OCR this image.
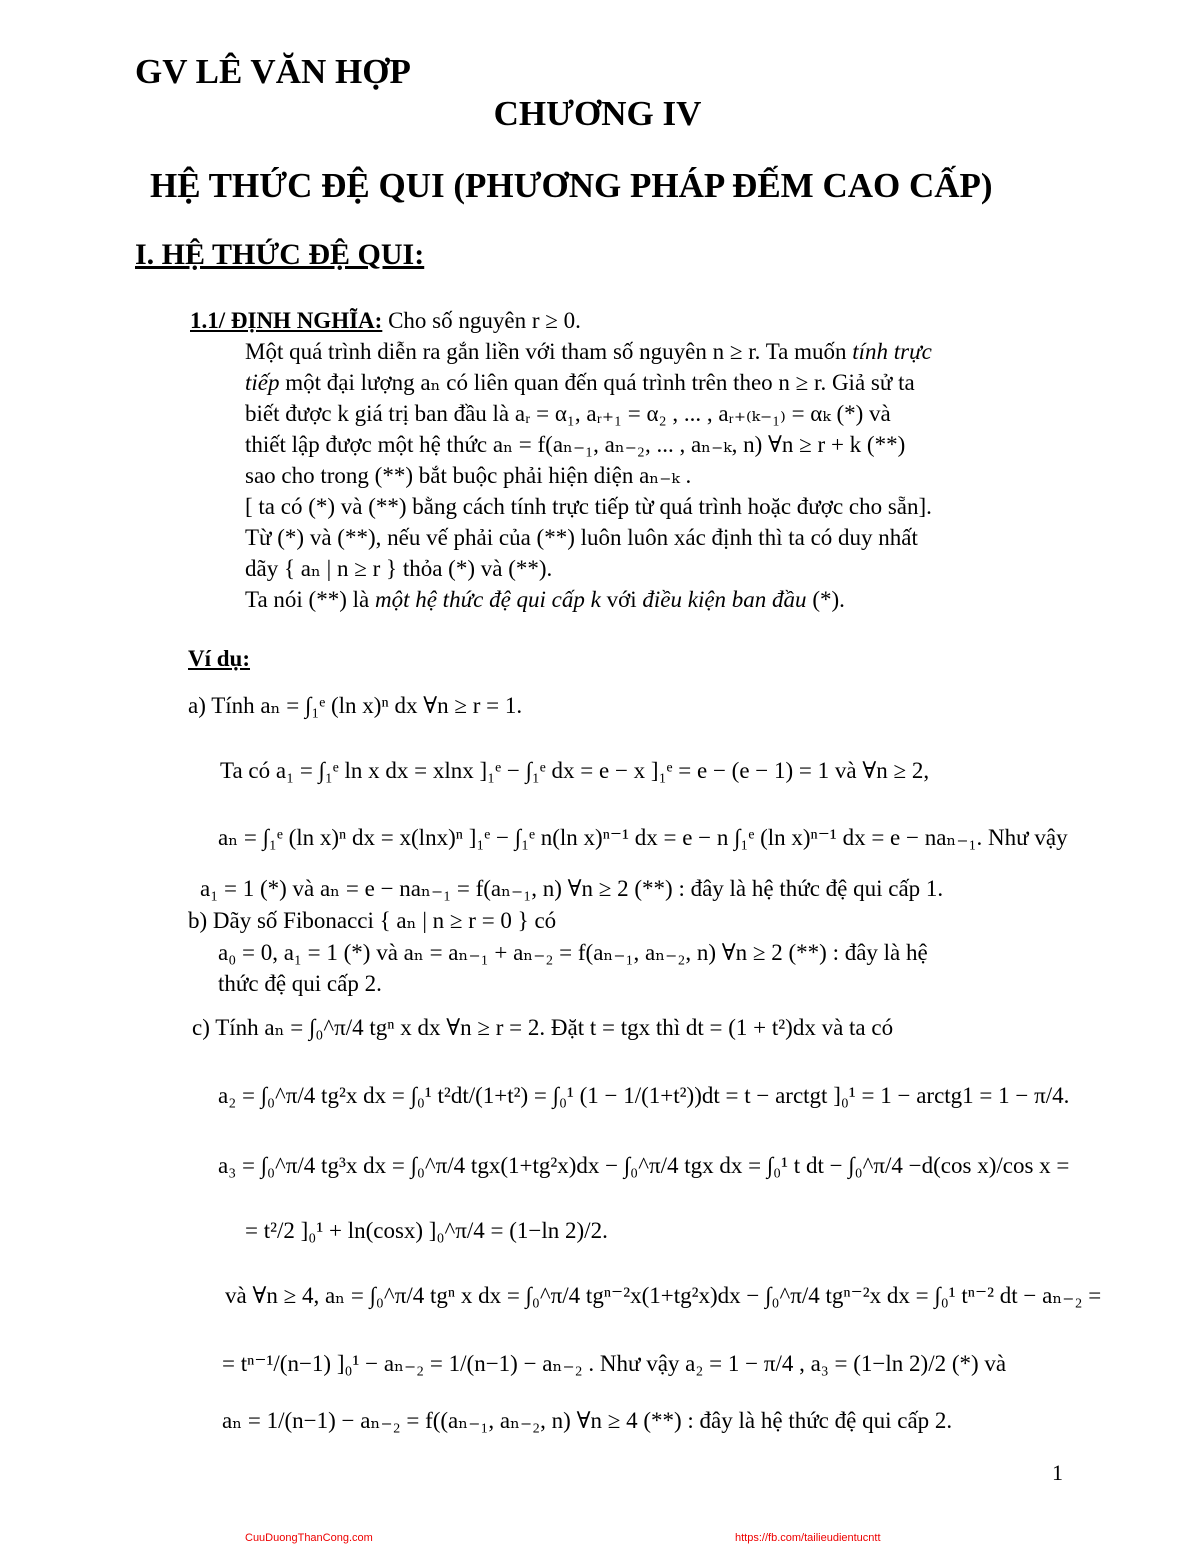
GV LÊ VĂN HỢP
CHƯƠNG IV
HỆ THỨC ĐỆ QUI (PHƯƠNG PHÁP ĐẾM CAO CẤP)
I. HỆ THỨC ĐỆ QUI:
1.1/ ĐỊNH NGHĨA: Cho số nguyên r ≥ 0.
Một quá trình diễn ra gắn liền với tham số nguyên n ≥ r. Ta muốn tính trực
tiếp một đại lượng aₙ có liên quan đến quá trình trên theo n ≥ r. Giả sử ta
biết được k giá trị ban đầu là aᵣ = α₁, aᵣ₊₁ = α₂ , ... , aᵣ₊₍ₖ₋₁₎ = αₖ (*) và
thiết lập được một hệ thức aₙ = f(aₙ₋₁, aₙ₋₂, ... , aₙ₋ₖ, n) ∀n ≥ r + k (**)
sao cho trong (**) bắt buộc phải hiện diện aₙ₋ₖ .
[ ta có (*) và (**) bằng cách tính trực tiếp từ quá trình hoặc được cho sẵn].
Từ (*) và (**), nếu vế phải của (**) luôn luôn xác định thì ta có duy nhất
dãy { aₙ | n ≥ r } thỏa (*) và (**).
Ta nói (**) là một hệ thức đệ qui cấp k với điều kiện ban đầu (*).
Ví dụ:
a) Tính aₙ = ∫₁ᵉ (ln x)ⁿ dx ∀n ≥ r = 1.
Ta có a₁ = ∫₁ᵉ ln x dx = xlnx ]₁ᵉ − ∫₁ᵉ dx = e − x ]₁ᵉ = e − (e − 1) = 1 và ∀n ≥ 2,
aₙ = ∫₁ᵉ (ln x)ⁿ dx = x(lnx)ⁿ ]₁ᵉ − ∫₁ᵉ n(ln x)ⁿ⁻¹ dx = e − n ∫₁ᵉ (ln x)ⁿ⁻¹ dx = e − naₙ₋₁. Như vậy
a₁ = 1 (*) và aₙ = e − naₙ₋₁ = f(aₙ₋₁, n) ∀n ≥ 2 (**) : đây là hệ thức đệ qui cấp 1.
b) Dãy số Fibonacci { aₙ | n ≥ r = 0 } có
a₀ = 0, a₁ = 1 (*) và aₙ = aₙ₋₁ + aₙ₋₂ = f(aₙ₋₁, aₙ₋₂, n) ∀n ≥ 2 (**) : đây là hệ
thức đệ qui cấp 2.
c) Tính aₙ = ∫₀^π/4 tgⁿ x dx ∀n ≥ r = 2. Đặt t = tgx thì dt = (1 + t²)dx và ta có
a₂ = ∫₀^π/4 tg²x dx = ∫₀¹ t²dt/(1+t²) = ∫₀¹ (1 − 1/(1+t²))dt = t − arctgt ]₀¹ = 1 − arctg1 = 1 − π/4.
a₃ = ∫₀^π/4 tg³x dx = ∫₀^π/4 tgx(1+tg²x)dx − ∫₀^π/4 tgx dx = ∫₀¹ t dt − ∫₀^π/4 −d(cos x)/cos x =
= t²/2 ]₀¹ + ln(cosx) ]₀^π/4 = (1−ln 2)/2.
và ∀n ≥ 4, aₙ = ∫₀^π/4 tgⁿ x dx = ∫₀^π/4 tgⁿ⁻²x(1+tg²x)dx − ∫₀^π/4 tgⁿ⁻²x dx = ∫₀¹ tⁿ⁻² dt − aₙ₋₂ =
= tⁿ⁻¹/(n−1) ]₀¹ − aₙ₋₂ = 1/(n−1) − aₙ₋₂ . Như vậy a₂ = 1 − π/4 , a₃ = (1−ln 2)/2 (*) và
aₙ = 1/(n−1) − aₙ₋₂ = f((aₙ₋₁, aₙ₋₂, n) ∀n ≥ 4 (**) : đây là hệ thức đệ qui cấp 2.
1
CuuDuongThanCong.com	https://fb.com/tailieudientucntt
